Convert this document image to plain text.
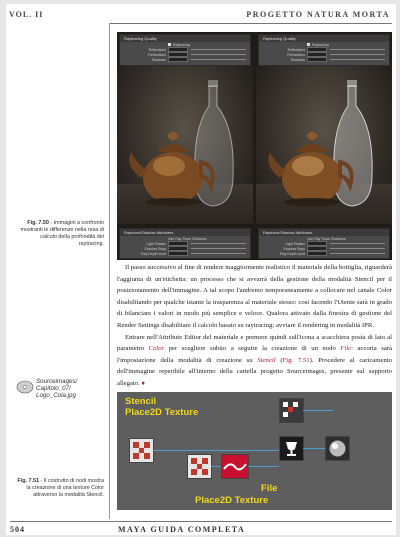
VOL. II	PROGETTO NATURA MORTA
Raytracing Quality
Raytracing
Reflections
Refractions
Shadows
Raytrace/Shadow Attributes
Use Ray Trace Shadows
Light Radius
Shadow Rays
Ray Depth Limit
Raytracing Quality
Raytracing
Reflections
Refractions
Shadows
Raytrace/Shadow Attributes
Use Ray Trace Shadows
Light Radius
Shadow Rays
Ray Depth Limit
Fig. 7.50 - Immagini a confronto mostranti le differenze nella resa di calcolo della profondità del raytracing.
Sourceimages/ Capitolo_07/ Logo_Cola.jpg

Il passo successivo al fine di rendere maggiormente realistico il materiale della bottiglia, riguarderà l'aggiunta di un'etichetta: un processo che si avvarrà della gestione della modalità Stencil per il posizionamento dell'immagine. A tal scopo l'andremo temporaneamente a collocare nel canale Color disabilitando per qualche istante la trasparenza al materiale stesso: così facendo l'Utente sarà in grado di bilanciare i valori in modo più semplice e veloce. Qualora attivato dalla finestra di gestione del Render Settings disabilitare il calcolo basato su raytracing: avviare il rendering in modalità IPR.

Entrare nell'Attribute Editor del materiale e premere quindi sull'icona a scacchiera posta di lato al parametro Color per scegliere subito a seguire la creazione di un nodo File: accorta sarà l'impostazione della modalità di creazione su Stencil (Fig. 7.51). Procedere al caricamento dell'immagine reperibile all'interno della cartella progetto Sourceimages, presente sul supporto allegato. ♦

Stencil
Place2D Texture
File
Place2D Texture
Fig. 7.51 - Il costrutto di nodi mostra la creazione di una texture Color attraverso la modalità Stencil.
504	MAYA GUIDA COMPLETA
